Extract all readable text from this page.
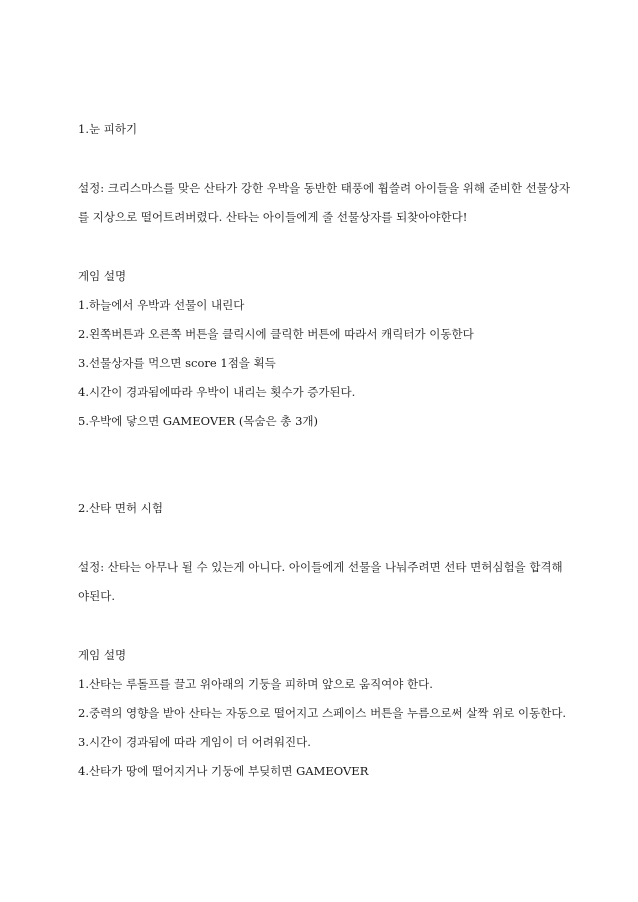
1.눈 피하기
설정: 크리스마스를 맞은 산타가 강한 우박을 동반한 태풍에 휩쓸려 아이들을 위해 준비한 선물상자
를 지상으로 떨어트려버렸다. 산타는 아이들에게 줄 선물상자를 되찾아야한다!
게임 설명
1.하늘에서 우박과 선물이 내린다
2.왼쪽버튼과 오른쪽 버튼을 클릭시에 클릭한 버튼에 따라서 캐릭터가 이동한다
3.선물상자를 먹으면 score 1점을 획득
4.시간이 경과됨에따라 우박이 내리는 횟수가 증가된다.
5.우박에 닿으면 GAMEOVER (목숨은 총 3개)
2.산타 면허 시험
설정: 산타는 아무나 될 수 있는게 아니다. 아이들에게 선물을 나눠주려면 선타 면허심험을 합격해
야된다.
게임 설명
1.산타는 루돌프를 끌고 위아래의 기둥을 피하며 앞으로 움직여야 한다.
2.중력의 영향을 받아 산타는 자동으로 떨어지고 스페이스 버튼을 누름으로써 살짝 위로 이동한다.
3.시간이 경과됨에 따라 게임이 더 어려워진다.
4.산타가 땅에 떨어지거나 기둥에 부딪히면 GAMEOVER
